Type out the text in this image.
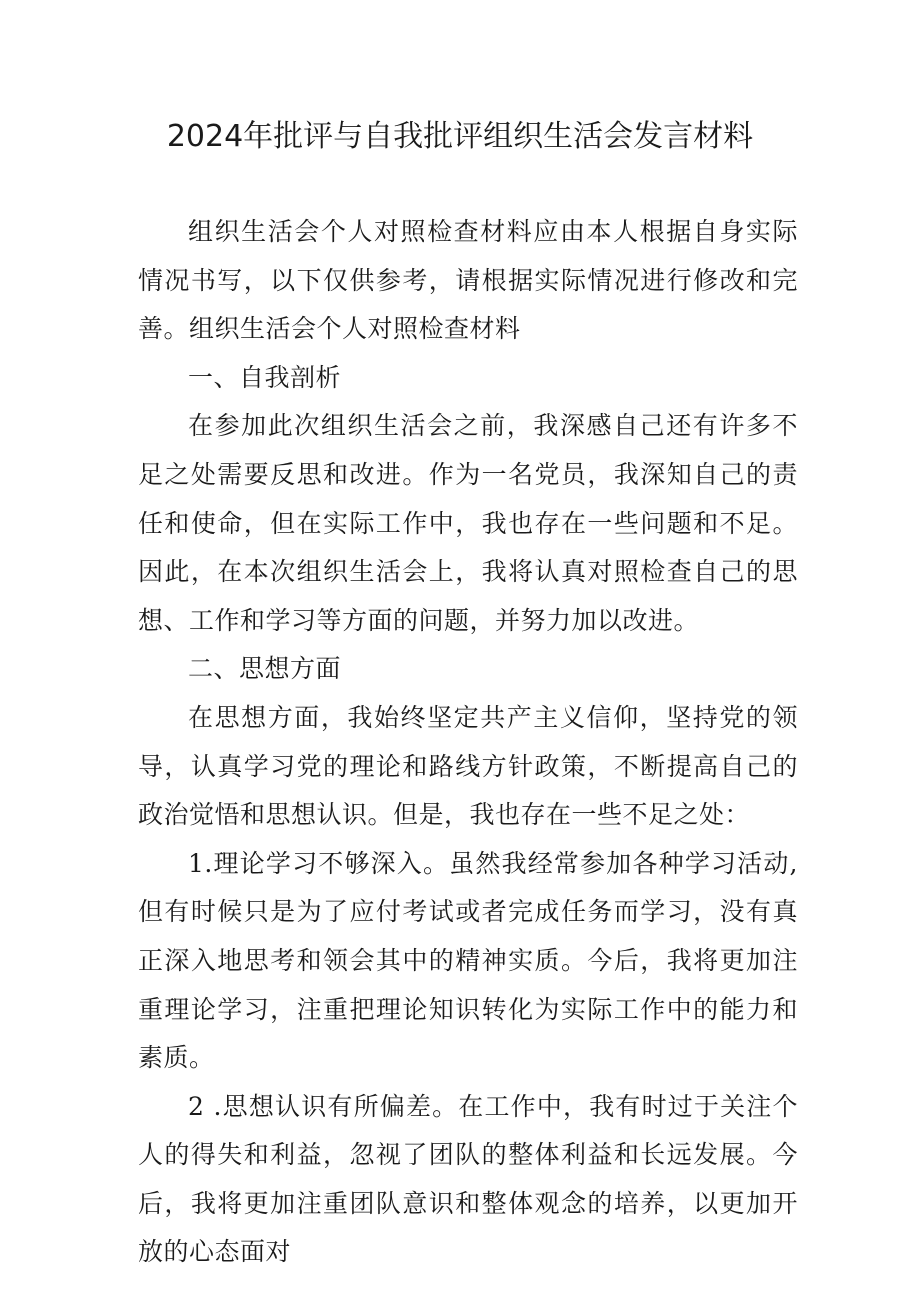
2024年批评与自我批评组织生活会发言材料

组织生活会个人对照检查材料应由本人根据自身实际情况书写，以下仅供参考，请根据实际情况进行修改和完善。组织生活会个人对照检查材料

一、自我剖析

在参加此次组织生活会之前，我深感自己还有许多不足之处需要反思和改进。作为一名党员，我深知自己的责任和使命，但在实际工作中，我也存在一些问题和不足。因此，在本次组织生活会上，我将认真对照检查自己的思想、工作和学习等方面的问题，并努力加以改进。

二、思想方面

在思想方面，我始终坚定共产主义信仰，坚持党的领导，认真学习党的理论和路线方针政策，不断提高自己的政治觉悟和思想认识。但是，我也存在一些不足之处：

1.理论学习不够深入。虽然我经常参加各种学习活动,但有时候只是为了应付考试或者完成任务而学习，没有真正深入地思考和领会其中的精神实质。今后，我将更加注重理论学习，注重把理论知识转化为实际工作中的能力和素质。

2 .思想认识有所偏差。在工作中，我有时过于关注个人的得失和利益，忽视了团队的整体利益和长远发展。今后，我将更加注重团队意识和整体观念的培养，以更加开放的心态面对
